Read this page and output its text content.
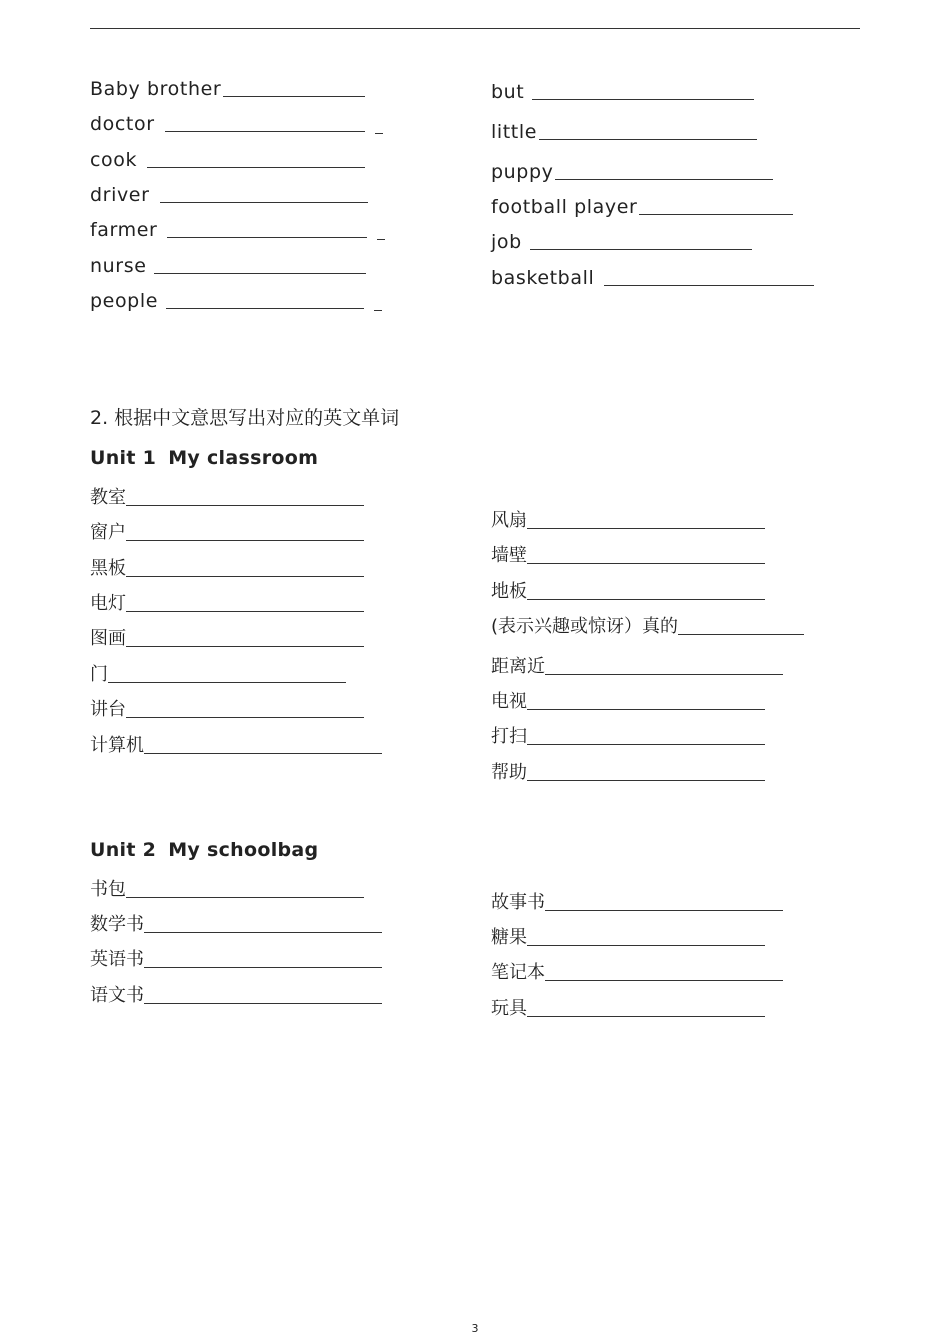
Baby brother
doctor
cook
driver
farmer
nurse
people
but
little
puppy
football player
job
basketball
2. 根据中文意思写出对应的英文单词
Unit 1 My classroom
教室
窗户
黑板
电灯
图画
门
讲台
计算机
风扇
墙壁
地板
(表示兴趣或惊讶）真的
距离近
电视
打扫
帮助
Unit 2 My schoolbag
书包
数学书
英语书
语文书
故事书
糖果
笔记本
玩具
3
